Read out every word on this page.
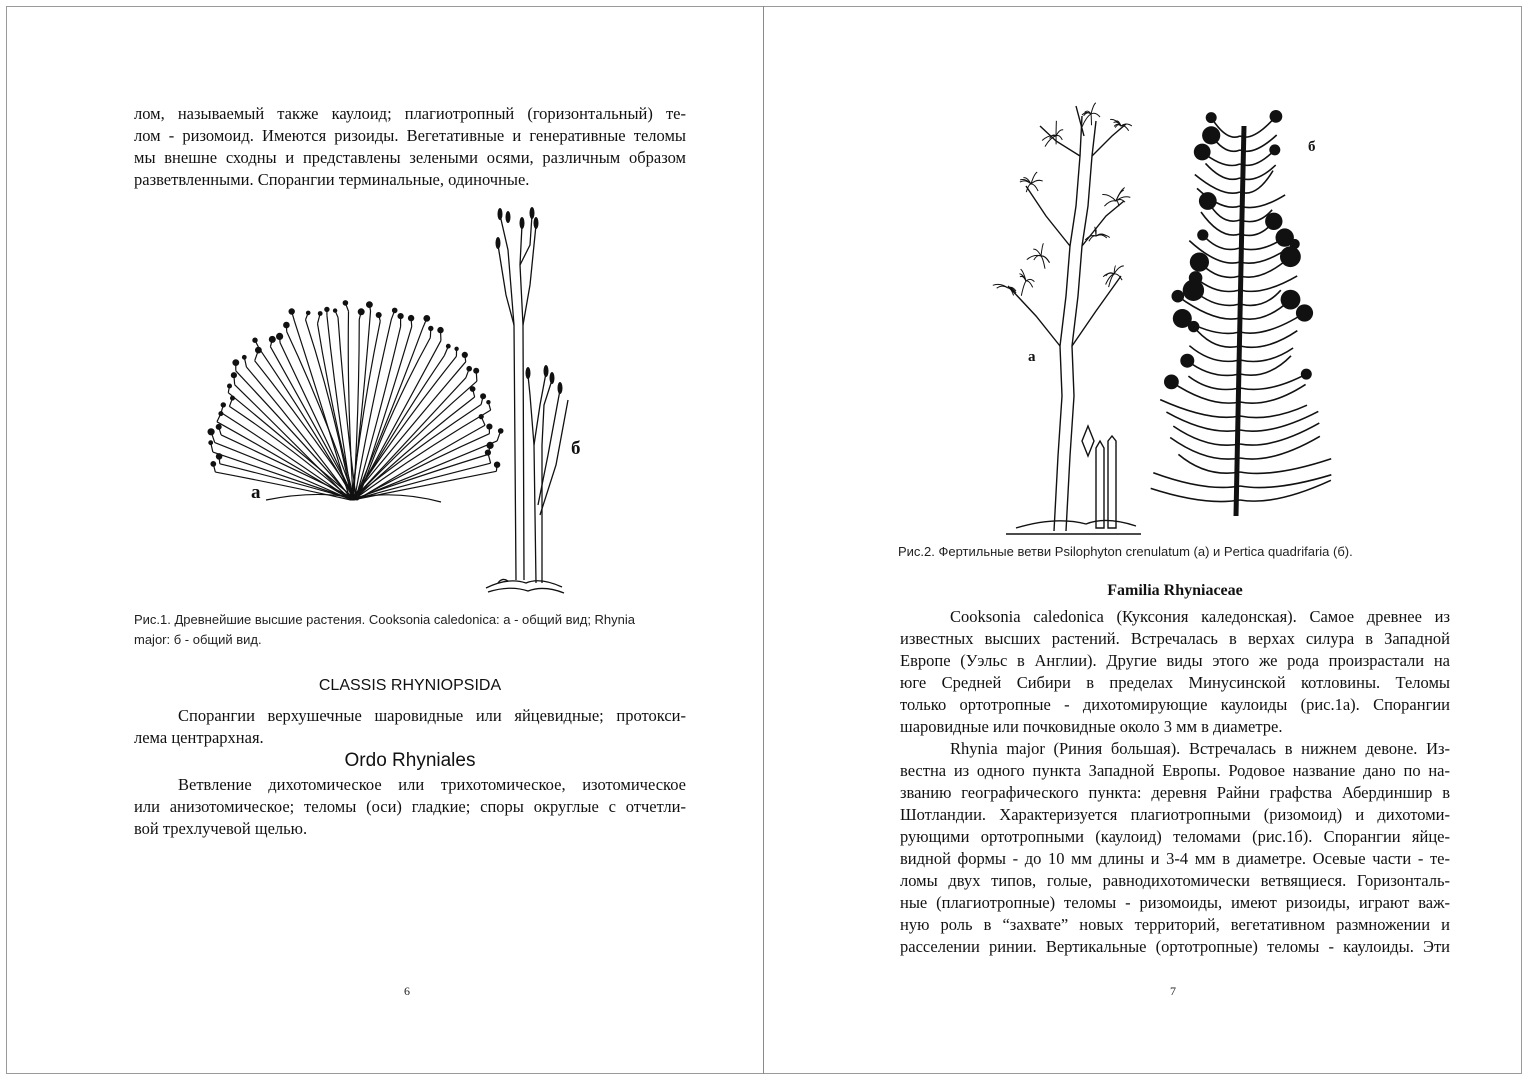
лом, называемый также каулоид; плагиотропный (горизонтальный) те-
лом - ризомоид. Имеются ризоиды. Вегетативные и генеративные теломы
мы внешне сходны и представлены зелеными осями, различным образом
разветвленными. Спорангии терминальные, одиночные.
а
б
Рис.1. Древнейшие высшие растения. Cooksonia caledonica: а - общий вид; Rhynia
major: б - общий вид.
CLASSIS RHYNIOPSIDA
Спорангии верхушечные шаровидные или яйцевидные; протокси-
лема центрархная.
Ordo Rhyniales
Ветвление дихотомическое или трихотомическое, изотомическое
или анизотомическое; теломы (оси) гладкие; споры округлые с отчетли-
вой трехлучевой щелью.
6
а
б
Рис.2. Фертильные ветви Psilophyton crenulatum (а) и Pertica quadrifaria (б).
Familia Rhyniaceae
Cooksonia caledonica (Куксония каледонская). Самое древнее из
известных высших растений. Встречалась в верхах силура в Западной
Европе (Уэльс в Англии). Другие виды этого же рода произрастали на
юге Средней Сибири в пределах Минусинской котловины. Теломы
только ортотропные - дихотомирующие каулоиды (рис.1а). Спорангии
шаровидные или почковидные около 3 мм в диаметре.
Rhynia major (Риния большая). Встречалась в нижнем девоне. Из-
вестна из одного пункта Западной Европы. Родовое название дано по на-
званию географического пункта: деревня Райни графства Абердиншир в
Шотландии. Характеризуется плагиотропными (ризомоид) и дихотоми-
рующими ортотропными (каулоид) теломами (рис.1б). Спорангии яйце-
видной формы - до 10 мм длины и 3-4 мм в диаметре. Осевые части - те-
ломы двух типов, голые, равнодихотомически ветвящиеся. Горизонталь-
ные (плагиотропные) теломы - ризомоиды, имеют ризоиды, играют важ-
ную роль в “захвате” новых территорий, вегетативном размножении и
расселении ринии. Вертикальные (ортотропные) теломы - каулоиды. Эти
7
